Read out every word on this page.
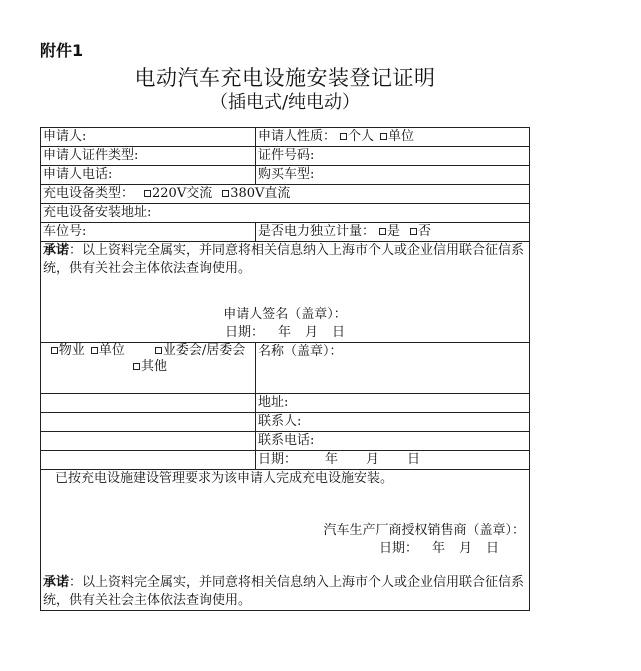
附件1
电动汽车充电设施安装登记证明
（插电式/纯电动）
申请人:	申请人性质： 个人 单位
申请人证件类型:	证件号码:
申请人电话:	购买车型:
充电设备类型： 220V交流 380V直流	
充电设备安装地址:	
车位号:	是否电力独立计量： 是 否

承诺：以上资料完全属实，并同意将相关信息纳入上海市个人或企业信用联合征信系统，供有关社会主体依法查询使用。
申请人签名（盖章）：
日期： 年 月 日	

物业 单位 业委会/居委会
其他	名称（盖章）：
	地址:
	联系人:
	联系电话:
	日期： 年 月 日

已按充电设施建设管理要求为该申请人完成充电设施安装。
汽车生产厂商授权销售商（盖章）：
日期： 年 月 日
承诺：以上资料完全属实，并同意将相关信息纳入上海市个人或企业信用联合征信系统，供有关社会主体依法查询使用。	
